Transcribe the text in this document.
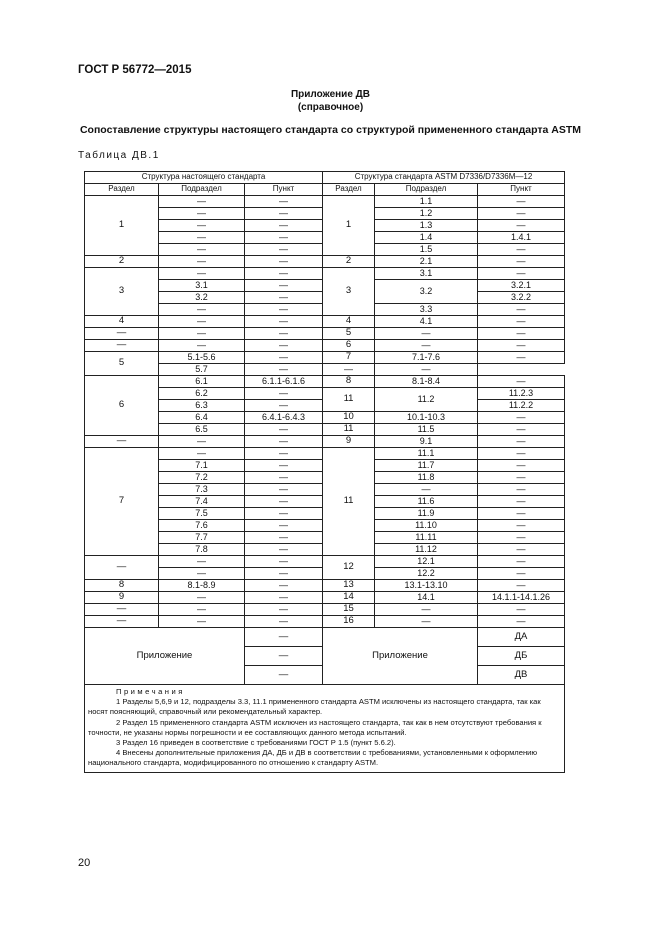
ГОСТ Р 56772—2015
Приложение ДВ
(справочное)
Сопоставление структуры настоящего стандарта со структурой примененного стандарта ASTM
Таблица ДВ.1
Структура настоящего стандарта			Структура стандарта ASTM D7336/D7336M—12		
Раздел	Подраздел	Пункт	Раздел	Подраздел	Пункт
1	—	—	1	1.1	—
	—	—		1.2	—
	—	—		1.3	—
	—	—		1.4	1.4.1
	—	—		1.5	—
2	—	—	2	2.1	—
3	—	—	3	3.1	—
	3.1	—		3.2	3.2.1
	3.2	—			3.2.2
	—	—		3.3	—
4	—	—	4	4.1	—
—	—	—	5	—	—
—	—	—	6	—	—
5	5.1-5.6	—	7	7.1-7.6	—
	5.7	—	—	—	
6	6.1	6.1.1-6.1.6	8	8.1-8.4	—
	6.2	—	11	11.2	11.2.3
	6.3	—			11.2.2
	6.4	6.4.1-6.4.3	10	10.1-10.3	—
	6.5	—	11	11.5	—
—	—	—	9	9.1	—
7	—	—	11	11.1	—
	7.1	—		11.7	—
	7.2	—		11.8	—
	7.3	—		—	—
	7.4	—		11.6	—
	7.5	—		11.9	—
	7.6	—		11.10	—
	7.7	—		11.11	—
	7.8	—		11.12	—
—	—	—	12	12.1	—
	—	—		12.2	—
8	8.1-8.9	—	13	13.1-13.10	—
9	—	—	14	14.1	14.1.1-14.1.26
—	—	—	15	—	—
—	—	—	16	—	—
Приложение		—	Приложение		ДА
		—			ДБ
		—			ДВ

Примечания

1 Разделы 5,6,9 и 12, подразделы 3.3, 11.1 примененного стандарта ASTM исключены из настоящего стандарта, так как носят поясняющий, справочный или рекомендательный характер.

2 Раздел 15 примененного стандарта ASTM исключен из настоящего стандарта, так как в нем отсутствуют требования к точности, не указаны нормы погрешности и ее составляющих данного метода испытаний.

3 Раздел 16 приведен в соответствие с требованиями ГОСТ Р 1.5 (пункт 5.6.2).

4 Внесены дополнительные приложения ДА, ДБ и ДВ в соответствии с требованиями, установленными к оформлению национального стандарта, модифицированного по отношению к стандарту ASTM.					

20
